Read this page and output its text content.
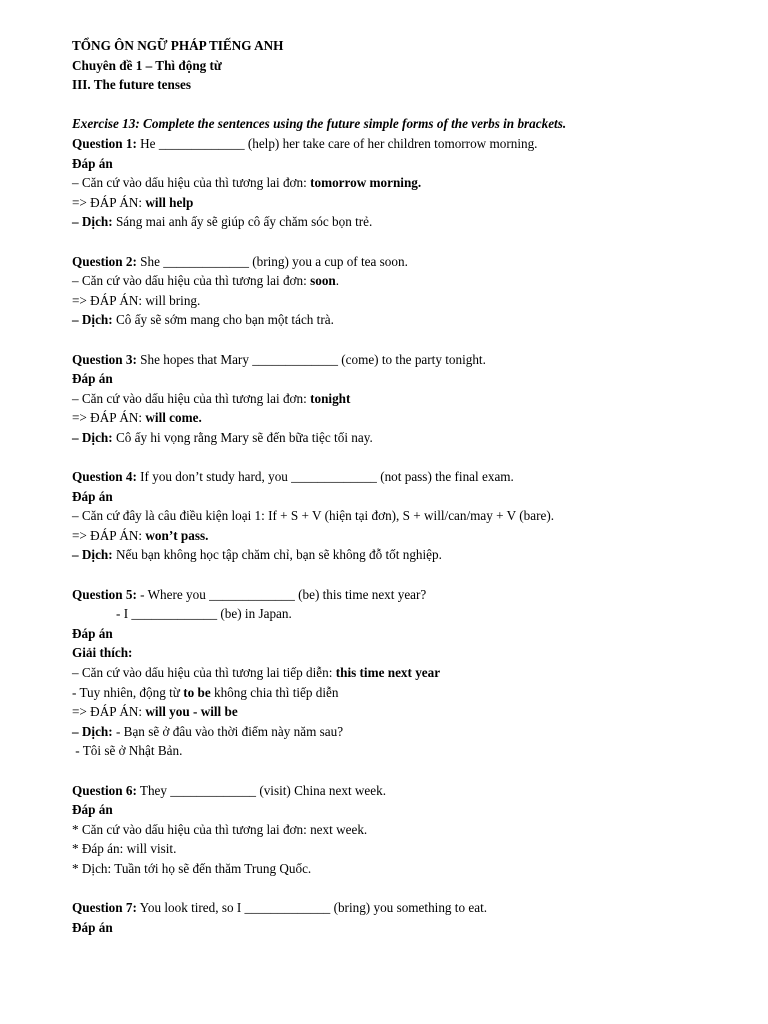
TỔNG ÔN NGỮ PHÁP TIẾNG ANH
Chuyên đề 1 – Thì động từ
III. The future tenses
Exercise 13: Complete the sentences using the future simple forms of the verbs in brackets.
Question 1: He _____________ (help) her take care of her children tomorrow morning.
Đáp án
– Căn cứ vào dấu hiệu của thì tương lai đơn: tomorrow morning.
=> ĐÁP ÁN: will help
– Dịch: Sáng mai anh ấy sẽ giúp cô ấy chăm sóc bọn trẻ.
Question 2: She _____________ (bring) you a cup of tea soon.
– Căn cứ vào dấu hiệu của thì tương lai đơn: soon.
=> ĐÁP ÁN: will bring.
– Dịch: Cô ấy sẽ sớm mang cho bạn một tách trà.
Question 3: She hopes that Mary _____________ (come) to the party tonight.
Đáp án
– Căn cứ vào dấu hiệu của thì tương lai đơn: tonight
=> ĐÁP ÁN: will come.
– Dịch: Cô ấy hi vọng rằng Mary sẽ đến bữa tiệc tối nay.
Question 4: If you don’t study hard, you _____________ (not pass) the final exam.
Đáp án
– Căn cứ đây là câu điều kiện loại 1: If + S + V (hiện tại đơn), S + will/can/may + V (bare).
=> ĐÁP ÁN: won’t pass.
– Dịch: Nếu bạn không học tập chăm chỉ, bạn sẽ không đỗ tốt nghiệp.
Question 5: - Where you _____________ (be) this time next year?
- I _____________ (be) in Japan.
Đáp án
Giải thích:
– Căn cứ vào dấu hiệu của thì tương lai tiếp diễn: this time next year
- Tuy nhiên, động từ to be không chia thì tiếp diễn
=> ĐÁP ÁN: will you - will be
– Dịch: - Bạn sẽ ở đâu vào thời điểm này năm sau?
- Tôi sẽ ở Nhật Bản.
Question 6: They _____________ (visit) China next week.
Đáp án
* Căn cứ vào dấu hiệu của thì tương lai đơn: next week.
* Đáp án: will visit.
* Dịch: Tuần tới họ sẽ đến thăm Trung Quốc.
Question 7: You look tired, so I _____________ (bring) you something to eat.
Đáp án
